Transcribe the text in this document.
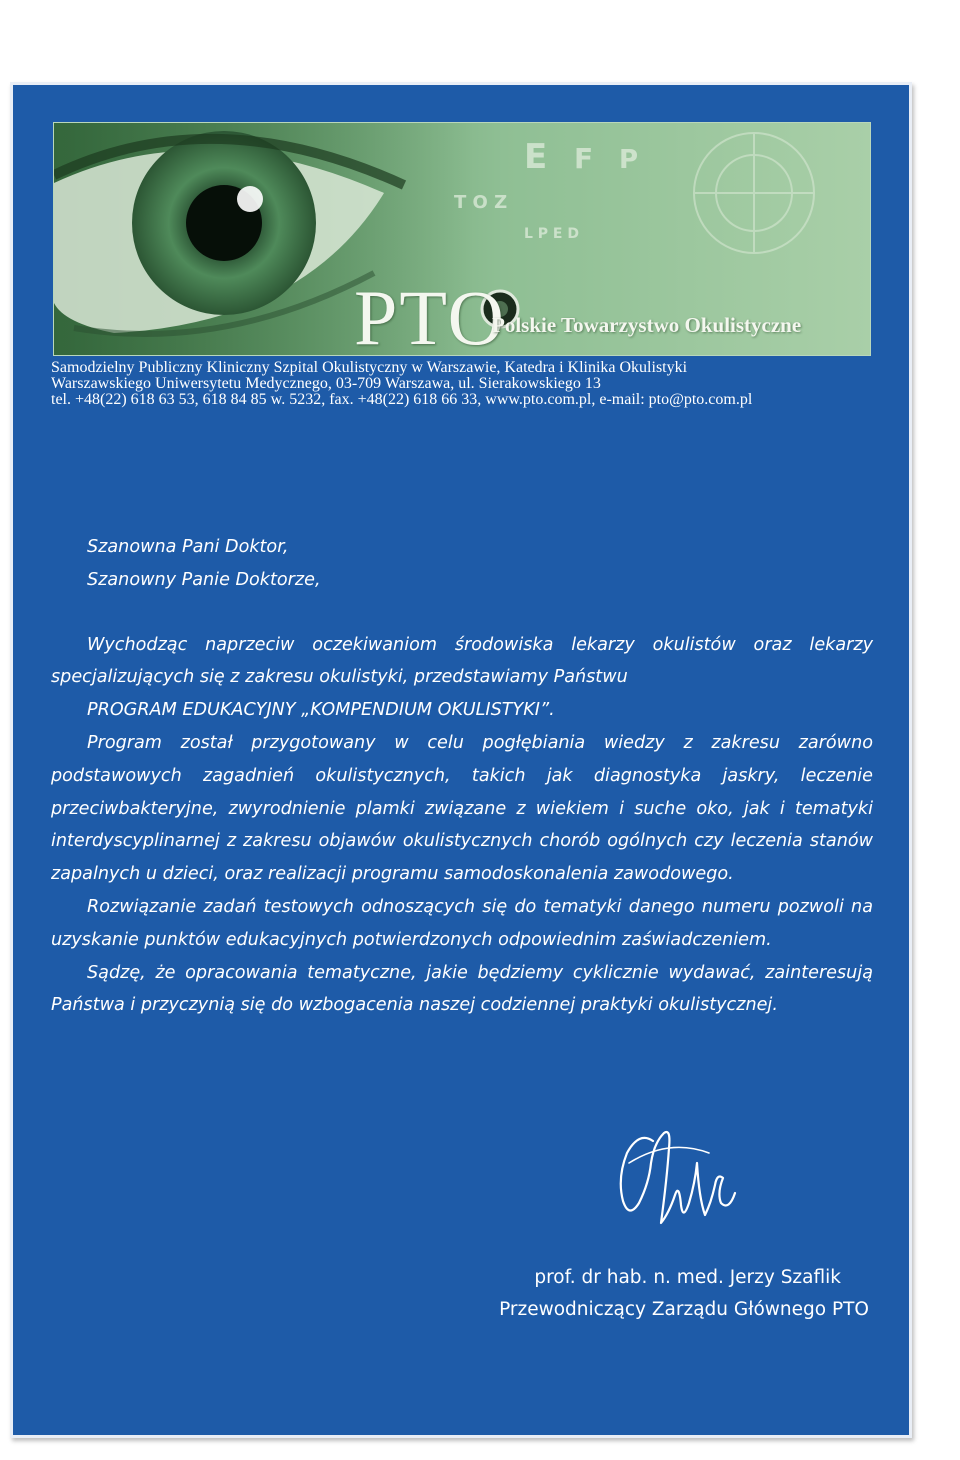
E F P
T O Z
L P E D
PTO
Polskie Towarzystwo Okulistyczne
Samodzielny Publiczny Kliniczny Szpital Okulistyczny w Warszawie, Katedra i Klinika Okulistyki
Warszawskiego Uniwersytetu Medycznego, 03-709 Warszawa, ul. Sierakowskiego 13
tel. +48(22) 618 63 53, 618 84 85 w. 5232, fax. +48(22) 618 66 33, www.pto.com.pl, e-mail: pto@pto.com.pl
Szanowna Pani Doktor,
Szanowny Panie Doktorze,

Wychodząc naprzeciw oczekiwaniom środowiska lekarzy okulistów oraz lekarzy specjalizujących się z zakresu okulistyki, przedstawiamy Państwu

PROGRAM EDUKACYJNY „KOMPENDIUM OKULISTYKI”.

Program został przygotowany w celu pogłębiania wiedzy z zakresu zarówno podstawowych zagadnień okulistycznych, takich jak diagnostyka jaskry, leczenie przeciwbakteryjne, zwyrodnienie plamki związane z wiekiem i suche oko, jak i tematyki interdyscyplinarnej z zakresu objawów okulistycznych chorób ogólnych czy leczenia stanów zapalnych u dzieci, oraz realizacji programu samodoskonalenia zawodowego.

Rozwiązanie zadań testowych odnoszących się do tematyki danego numeru pozwoli na uzyskanie punktów edukacyjnych potwierdzonych odpowiednim zaświadczeniem.

Sądzę, że opracowania tematyczne, jakie będziemy cyklicznie wydawać, zainteresują Państwa i przyczynią się do wzbogacenia naszej codziennej praktyki okulistycznej.

prof. dr hab. n. med. Jerzy Szaflik
Przewodniczący Zarządu Głównego PTO
